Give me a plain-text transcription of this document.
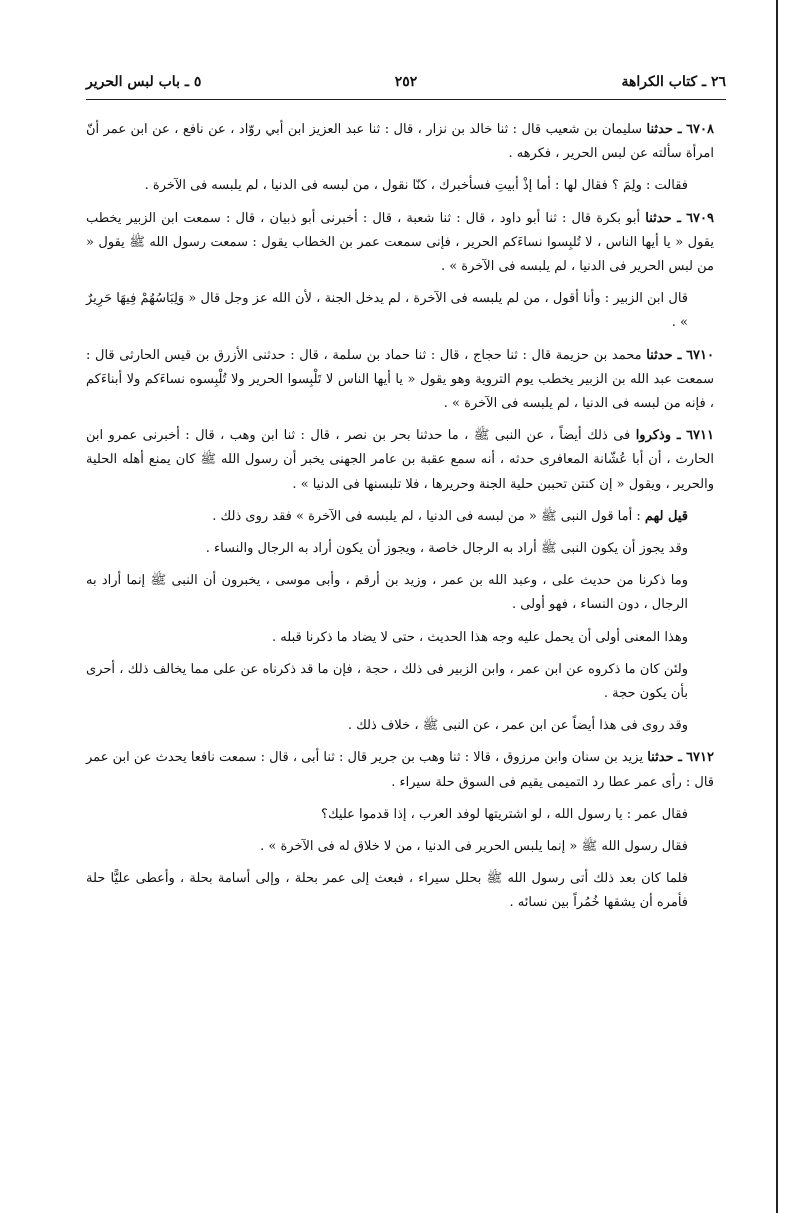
٢٦ ـ كتاب الكراهة
٢٥٢
٥ ـ باب لبس الحرير

٦٧٠٨ ـ حدثنا سليمان بن شعيب قال : ثنا خالد بن نزار ، قال : ثنا عبد العزيز ابن أبي روّاد ، عن نافع ، عن ابن عمر أنّ امرأة سألته عن لبس الحرير ، فكرهه .

فقالت : ولِمَ ؟ فقال لها : أما إذْ أبيتِ فسأخبرك ، كنّا نقول ، من لبسه فى الدنيا ، لم يلبسه فى الآخرة .

٦٧٠٩ ـ حدثنا أبو بكرة قال : ثنا أبو داود ، قال : ثنا شعبة ، قال : أخبرنى أبو ذبيان ، قال : سمعت ابن الزبير يخطب يقول « يا أيها الناس ، لا تُلبِسوا نساءَكم الحرير ، فإنى سمعت عمر بن الخطاب يقول : سمعت رسول الله ﷺ يقول « من لبس الحرير فى الدنيا ، لم يلبسه فى الآخرة » .

قال ابن الزبير : وأنا أقول ، من لم يلبسه فى الآخرة ، لم يدخل الجنة ، لأن الله عز وجل قال « وَلِبَاسُهُمْ فِيهَا حَرِيرٌ » .

٦٧١٠ ـ حدثنا محمد بن حزيمة قال : ثنا حجاج ، قال : ثنا حماد بن سلمة ، قال : حدثنى الأزرق بن قيس الحارثى قال : سمعت عبد الله بن الزبير يخطب يوم التروية وهو يقول « يا أيها الناس لا تَلْبِسوا الحرير ولا تُلْبِسوه نساءَكم ولا أبناءَكم ، فإنه من لبسه فى الدنيا ، لم يلبسه فى الآخرة » .

٦٧١١ ـ وذكروا فى ذلك أيضاً ، عن النبى ﷺ ، ما حدثنا بحر بن نصر ، قال : ثنا ابن وهب ، قال : أخبرنى عمرو ابن الحارث ، أن أبا عُشّانة المعافرى حدثه ، أنه سمع عقبة بن عامر الجهنى يخبر أن رسول الله ﷺ كان يمنع أهله الحلية والحرير ، ويقول « إن كنتن تحببن حلية الجنة وحريرها ، فلا تلبسنها فى الدنيا » .

قيل لهم : أما قول النبى ﷺ « من لبسه فى الدنيا ، لم يلبسه فى الآخرة » فقد روى ذلك .

وقد يجوز أن يكون النبى ﷺ أراد به الرجال خاصة ، ويجوز أن يكون أراد به الرجال والنساء .

وما ذكرنا من حديث على ، وعبد الله بن عمر ، وزيد بن أرقم ، وأبى موسى ، يخبرون أن النبى ﷺ إنما أراد به الرجال ، دون النساء ، فهو أولى .

وهذا المعنى أولى أن يحمل عليه وجه هذا الحديث ، حتى لا يضاد ما ذكرنا قبله .

ولئن كان ما ذكروه عن ابن عمر ، وابن الزبير فى ذلك ، حجة ، فإن ما قد ذكرناه عن على مما يخالف ذلك ، أحرى بأن يكون حجة .

وقد روى فى هذا أيضاً عن ابن عمر ، عن النبى ﷺ ، خلاف ذلك .

٦٧١٢ ـ حدثنا يزيد بن سنان وابن مرزوق ، قالا : ثنا وهب بن جرير قال : ثنا أبى ، قال : سمعت نافعا يحدث عن ابن عمر قال : رأى عمر عطا رد التميمى يقيم فى السوق حلة سيراء .

فقال عمر : يا رسول الله ، لو اشتريتها لوفد العرب ، إذا قدموا عليك؟

فقال رسول الله ﷺ « إنما يلبس الحرير فى الدنيا ، من لا خلاق له فى الآخرة » .

فلما كان بعد ذلك أتى رسول الله ﷺ بحلل سيراء ، فبعث إلى عمر بحلة ، وإلى أسامة بحلة ، وأعطى عليًّا حلة فأمره أن يشقها خُمُراً بين نسائه .
